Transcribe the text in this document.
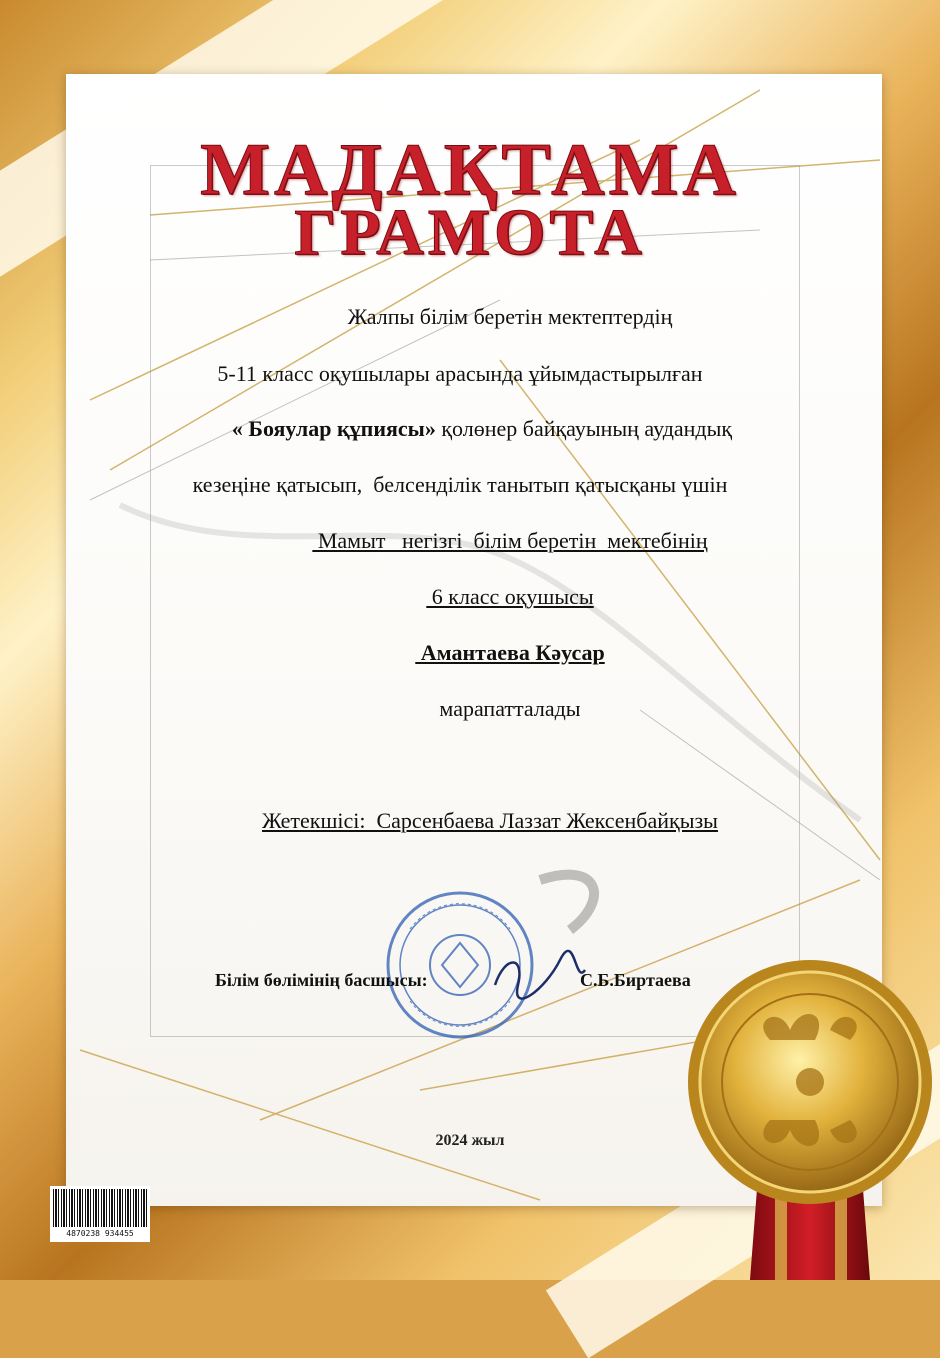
МАДАҚТАМА
ГРАМОТА
Жалпы білім беретін мектептердің
5-11 класс оқушылары арасында ұйымдастырылған
« Бояулар құпиясы» қолөнер байқауының аудандық
кезеңіне қатысып,  белсенділік танытып қатысқаны үшін
Мамыт   негізгі  білім беретін  мектебінің
6 класс оқушысы
Амантаева Кәусар
марапатталады
Жетекшісі:  Сарсенбаева Лаззат Жексенбайқызы
Білім бөлімінің басшысы:	С.Б.Биртаева
2024 жыл
4870238 934455
